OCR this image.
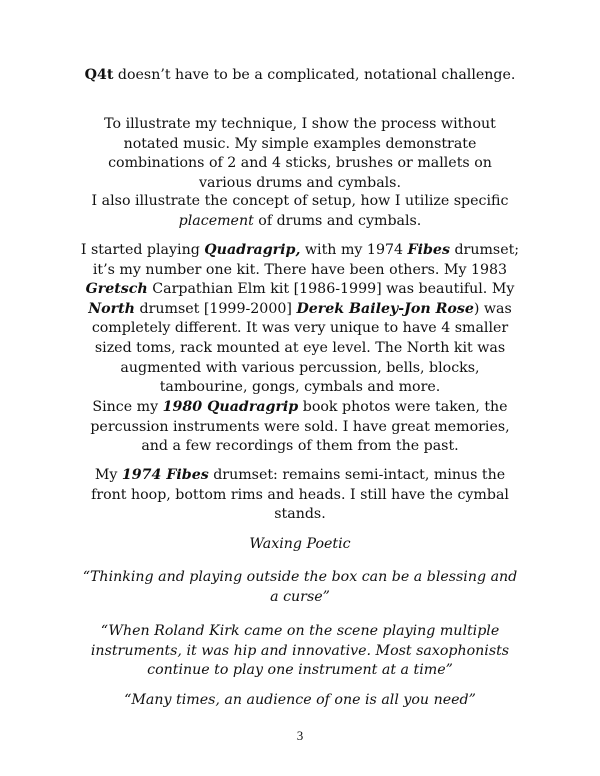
Q4t doesn’t have to be a complicated, notational challenge.

To illustrate my technique, I show the process without notated music. My simple examples demonstrate combinations of 2 and 4 sticks, brushes or mallets on various drums and cymbals.

I also illustrate the concept of setup, how I utilize specific placement of drums and cymbals.

I started playing Quadragrip, with my 1974 Fibes drumset; it’s my number one kit. There have been others. My 1983 Gretsch Carpathian Elm kit [1986-1999] was beautiful. My North drumset [1999-2000] Derek Bailey-Jon Rose) was completely different. It was very unique to have 4 smaller sized toms, rack mounted at eye level. The North kit was augmented with various percussion, bells, blocks, tambourine, gongs, cymbals and more.

Since my 1980 Quadragrip book photos were taken, the percussion instruments were sold. I have great memories, and a few recordings of them from the past.

My 1974 Fibes drumset: remains semi-intact, minus the front hoop, bottom rims and heads. I still have the cymbal stands.

Waxing Poetic

“Thinking and playing outside the box can be a blessing and a curse”

“When Roland Kirk came on the scene playing multiple instruments, it was hip and innovative. Most saxophonists continue to play one instrument at a time”

“Many times, an audience of one is all you need”

3
